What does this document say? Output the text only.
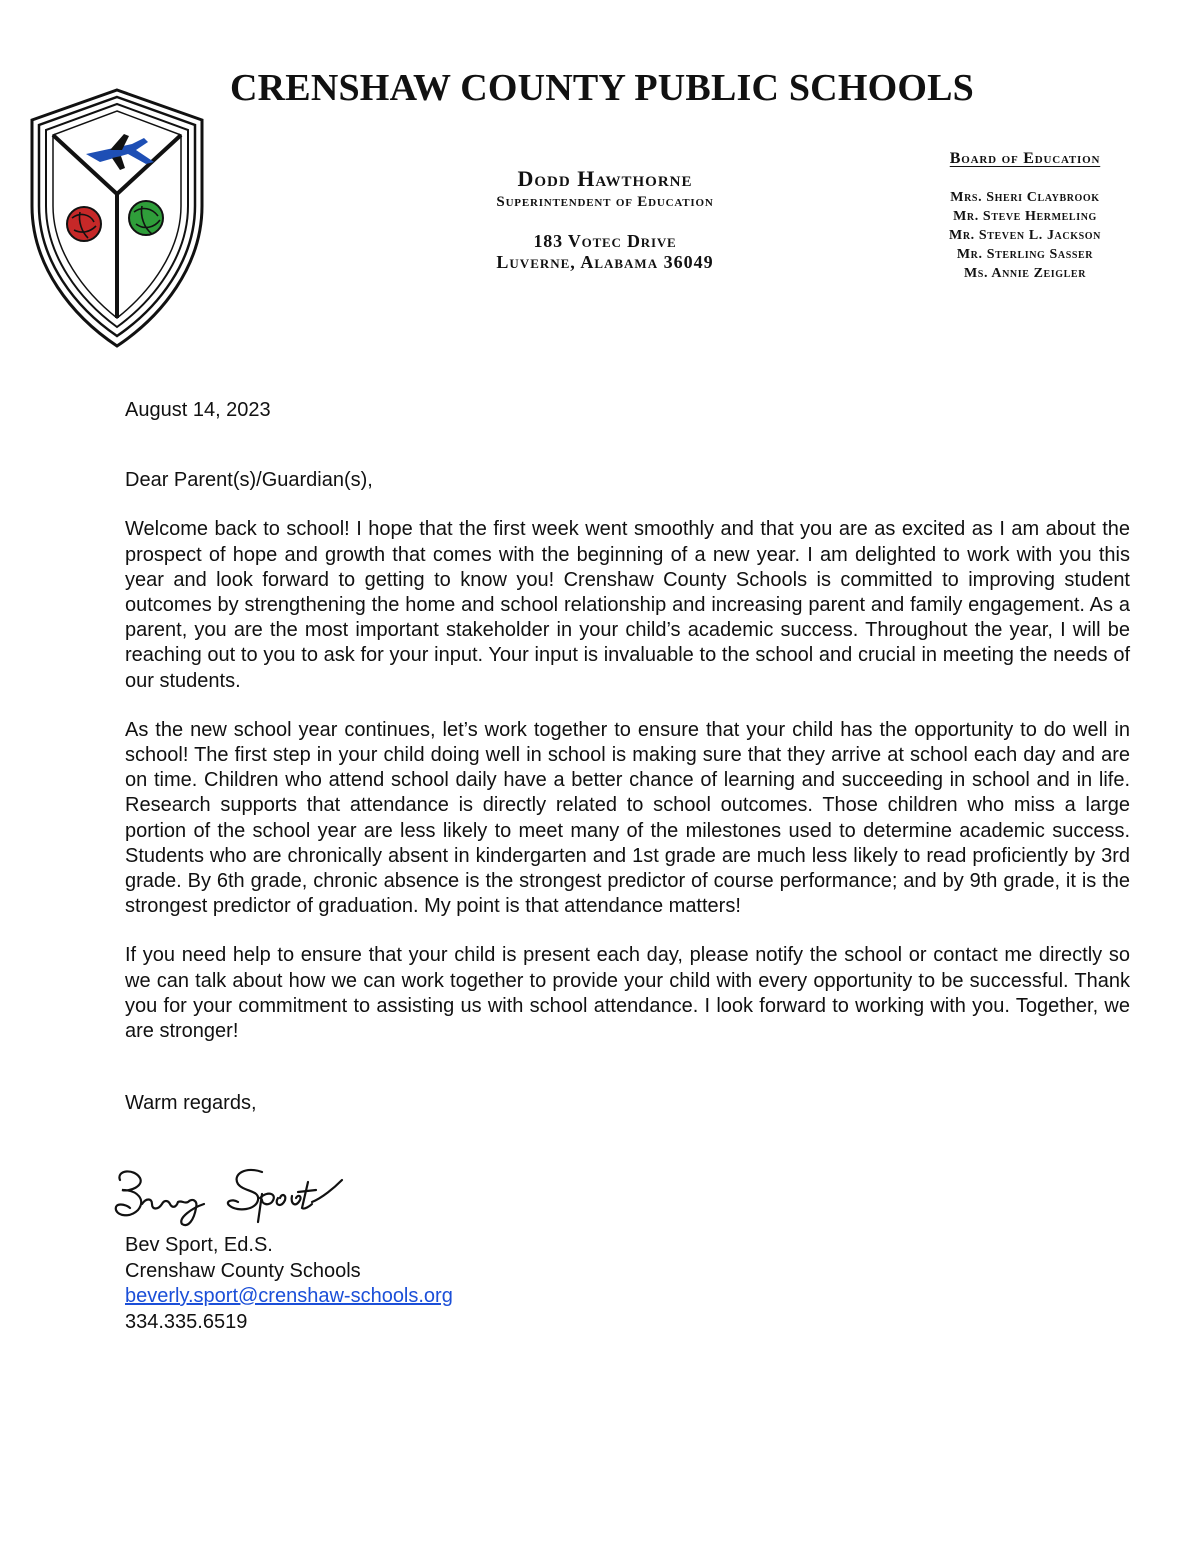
CRENSHAW COUNTY PUBLIC SCHOOLS
Dodd Hawthorne
Superintendent of Education
183 Votec Drive
Luverne, Alabama 36049
Board of Education
Mrs. Sheri Claybrook
Mr. Steve Hermeling
Mr. Steven L. Jackson
Mr. Sterling Sasser
Ms. Annie Zeigler

August 14, 2023

Dear Parent(s)/Guardian(s),

Welcome back to school! I hope that the first week went smoothly and that you are as excited as I am about the prospect of hope and growth that comes with the beginning of a new year. I am delighted to work with you this year and look forward to getting to know you! Crenshaw County Schools is committed to improving student outcomes by strengthening the home and school relationship and increasing parent and family engagement. As a parent, you are the most important stakeholder in your child’s academic success. Throughout the year, I will be reaching out to you to ask for your input. Your input is invaluable to the school and crucial in meeting the needs of our students.

As the new school year continues, let’s work together to ensure that your child has the opportunity to do well in school! The first step in your child doing well in school is making sure that they arrive at school each day and are on time. Children who attend school daily have a better chance of learning and succeeding in school and in life. Research supports that attendance is directly related to school outcomes. Those children who miss a large portion of the school year are less likely to meet many of the milestones used to determine academic success. Students who are chronically absent in kindergarten and 1st grade are much less likely to read proficiently by 3rd grade. By 6th grade, chronic absence is the strongest predictor of course performance; and by 9th grade, it is the strongest predictor of graduation. My point is that attendance matters!

If you need help to ensure that your child is present each day, please notify the school or contact me directly so we can talk about how we can work together to provide your child with every opportunity to be successful. Thank you for your commitment to assisting us with school attendance. I look forward to working with you. Together, we are stronger!

Warm regards,

Bev Sport, Ed.S.
Crenshaw County Schools
beverly.sport@crenshaw-schools.org
334.335.6519
